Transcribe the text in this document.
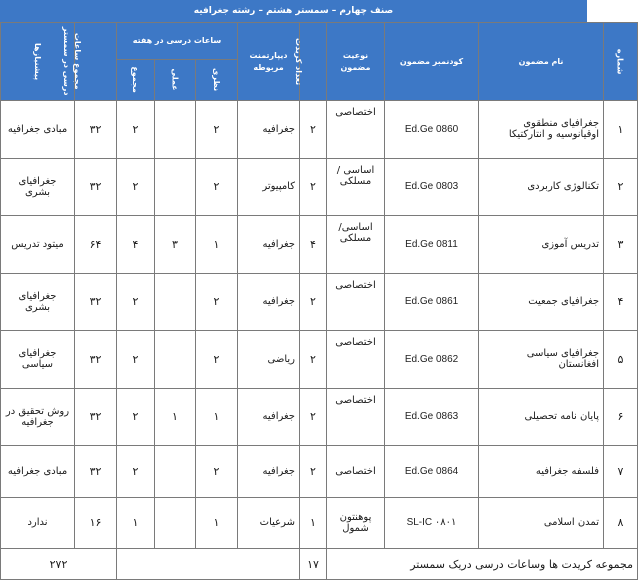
صنف چهارم – سمستر هشتم – رشته جغرافیه
شماره	نام مضمون	کودنمبر مضمون	نوعیت مضمون	تعداد کریدت	دیپارتمنت مربوطه	ساعات درسی در هفته			مجموع ساعات درسی در سمستر	پیشنیازها
						نظری	عملی	مجموع		
۱	جغرافیای منطقوی اوقیانوسیه و انتارکتیکا	Ed.Ge 0860	اختصاصی	۲	جغرافیه	۲		۲	۳۲	مبادی جغرافیه
۲	تکنالوژی کاربردی	Ed.Ge 0803	اساسی / مسلکی	۲	کامپیوتر	۲		۲	۳۲	جغرافیای بشری
۳	تدریس آموزی	Ed.Ge 0811	اساسی/ مسلکی	۴	جغرافیه	۱	۳	۴	۶۴	میتود تدریس
۴	جغرافیای جمعیت	Ed.Ge 0861	اختصاصی	۲	جغرافیه	۲		۲	۳۲	جغرافیای بشری
۵	جغرافیای سیاسی افغانستان	Ed.Ge 0862	اختصاصی	۲	ریاضی	۲		۲	۳۲	جغرافیای سیاسی
۶	پایان نامه تحصیلی	Ed.Ge 0863	اختصاصی	۲	جغرافیه	۱	۱	۲	۳۲	روش تحقیق در جغرافیه
۷	فلسفه جغرافیه	Ed.Ge 0864	اختصاصی	۲	جغرافیه	۲		۲	۳۲	مبادی جغرافیه
۸	تمدن اسلامی	SL-IC ۰۸۰۱	پوهنتون شمول	۱	شرعیات	۱		۱	۱۶	ندارد
مجموعه کریدت ها وساعات درسی دریک سمستر				۱۷					۲۷۲	
